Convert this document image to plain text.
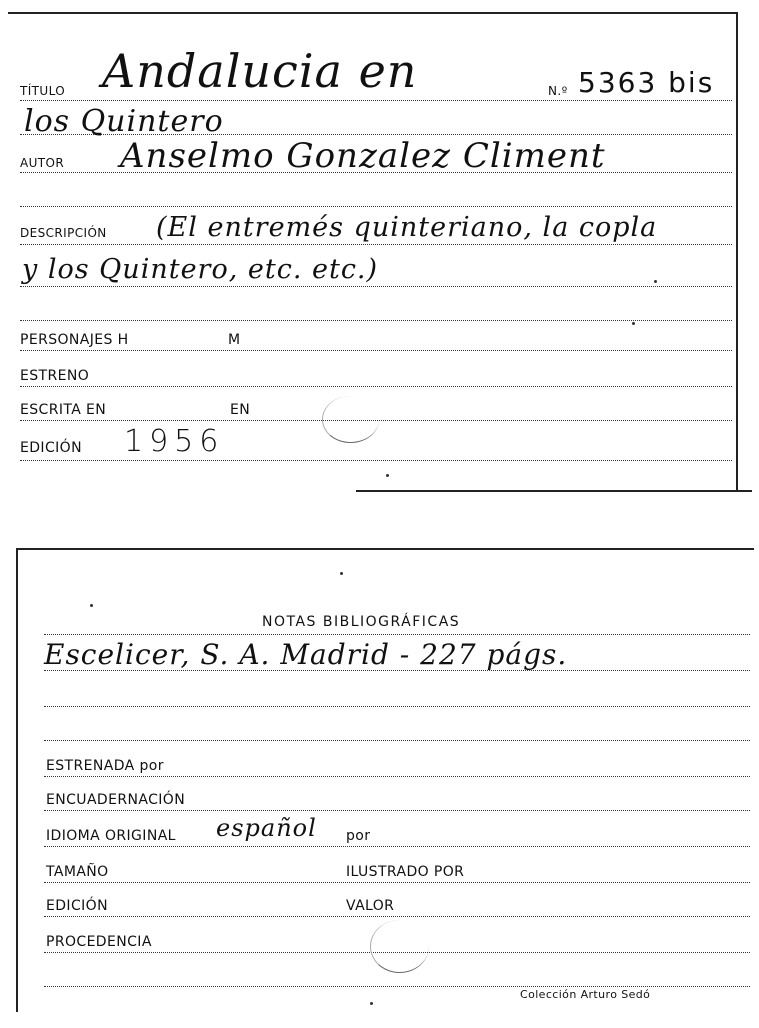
TÍTULO Andalucia en	N.º 5363 bis
los Quintero
AUTOR Anselmo Gonzalez Climent
DESCRIPCIÓN (El entremés quinteriano, la copla
y los Quintero, etc. etc.)
PERSONAJES H	M
ESTRENO
ESCRITA EN	EN
EDICIÓN 1956
NOTAS BIBLIOGRÁFICAS
Escelicer, S. A. Madrid - 227 págs.
ESTRENADA por
ENCUADERNACIÓN
IDIOMA ORIGINAL español por
TAMAÑO	ILUSTRADO POR
EDICIÓN	VALOR
PROCEDENCIA
Colección Arturo Sedó
